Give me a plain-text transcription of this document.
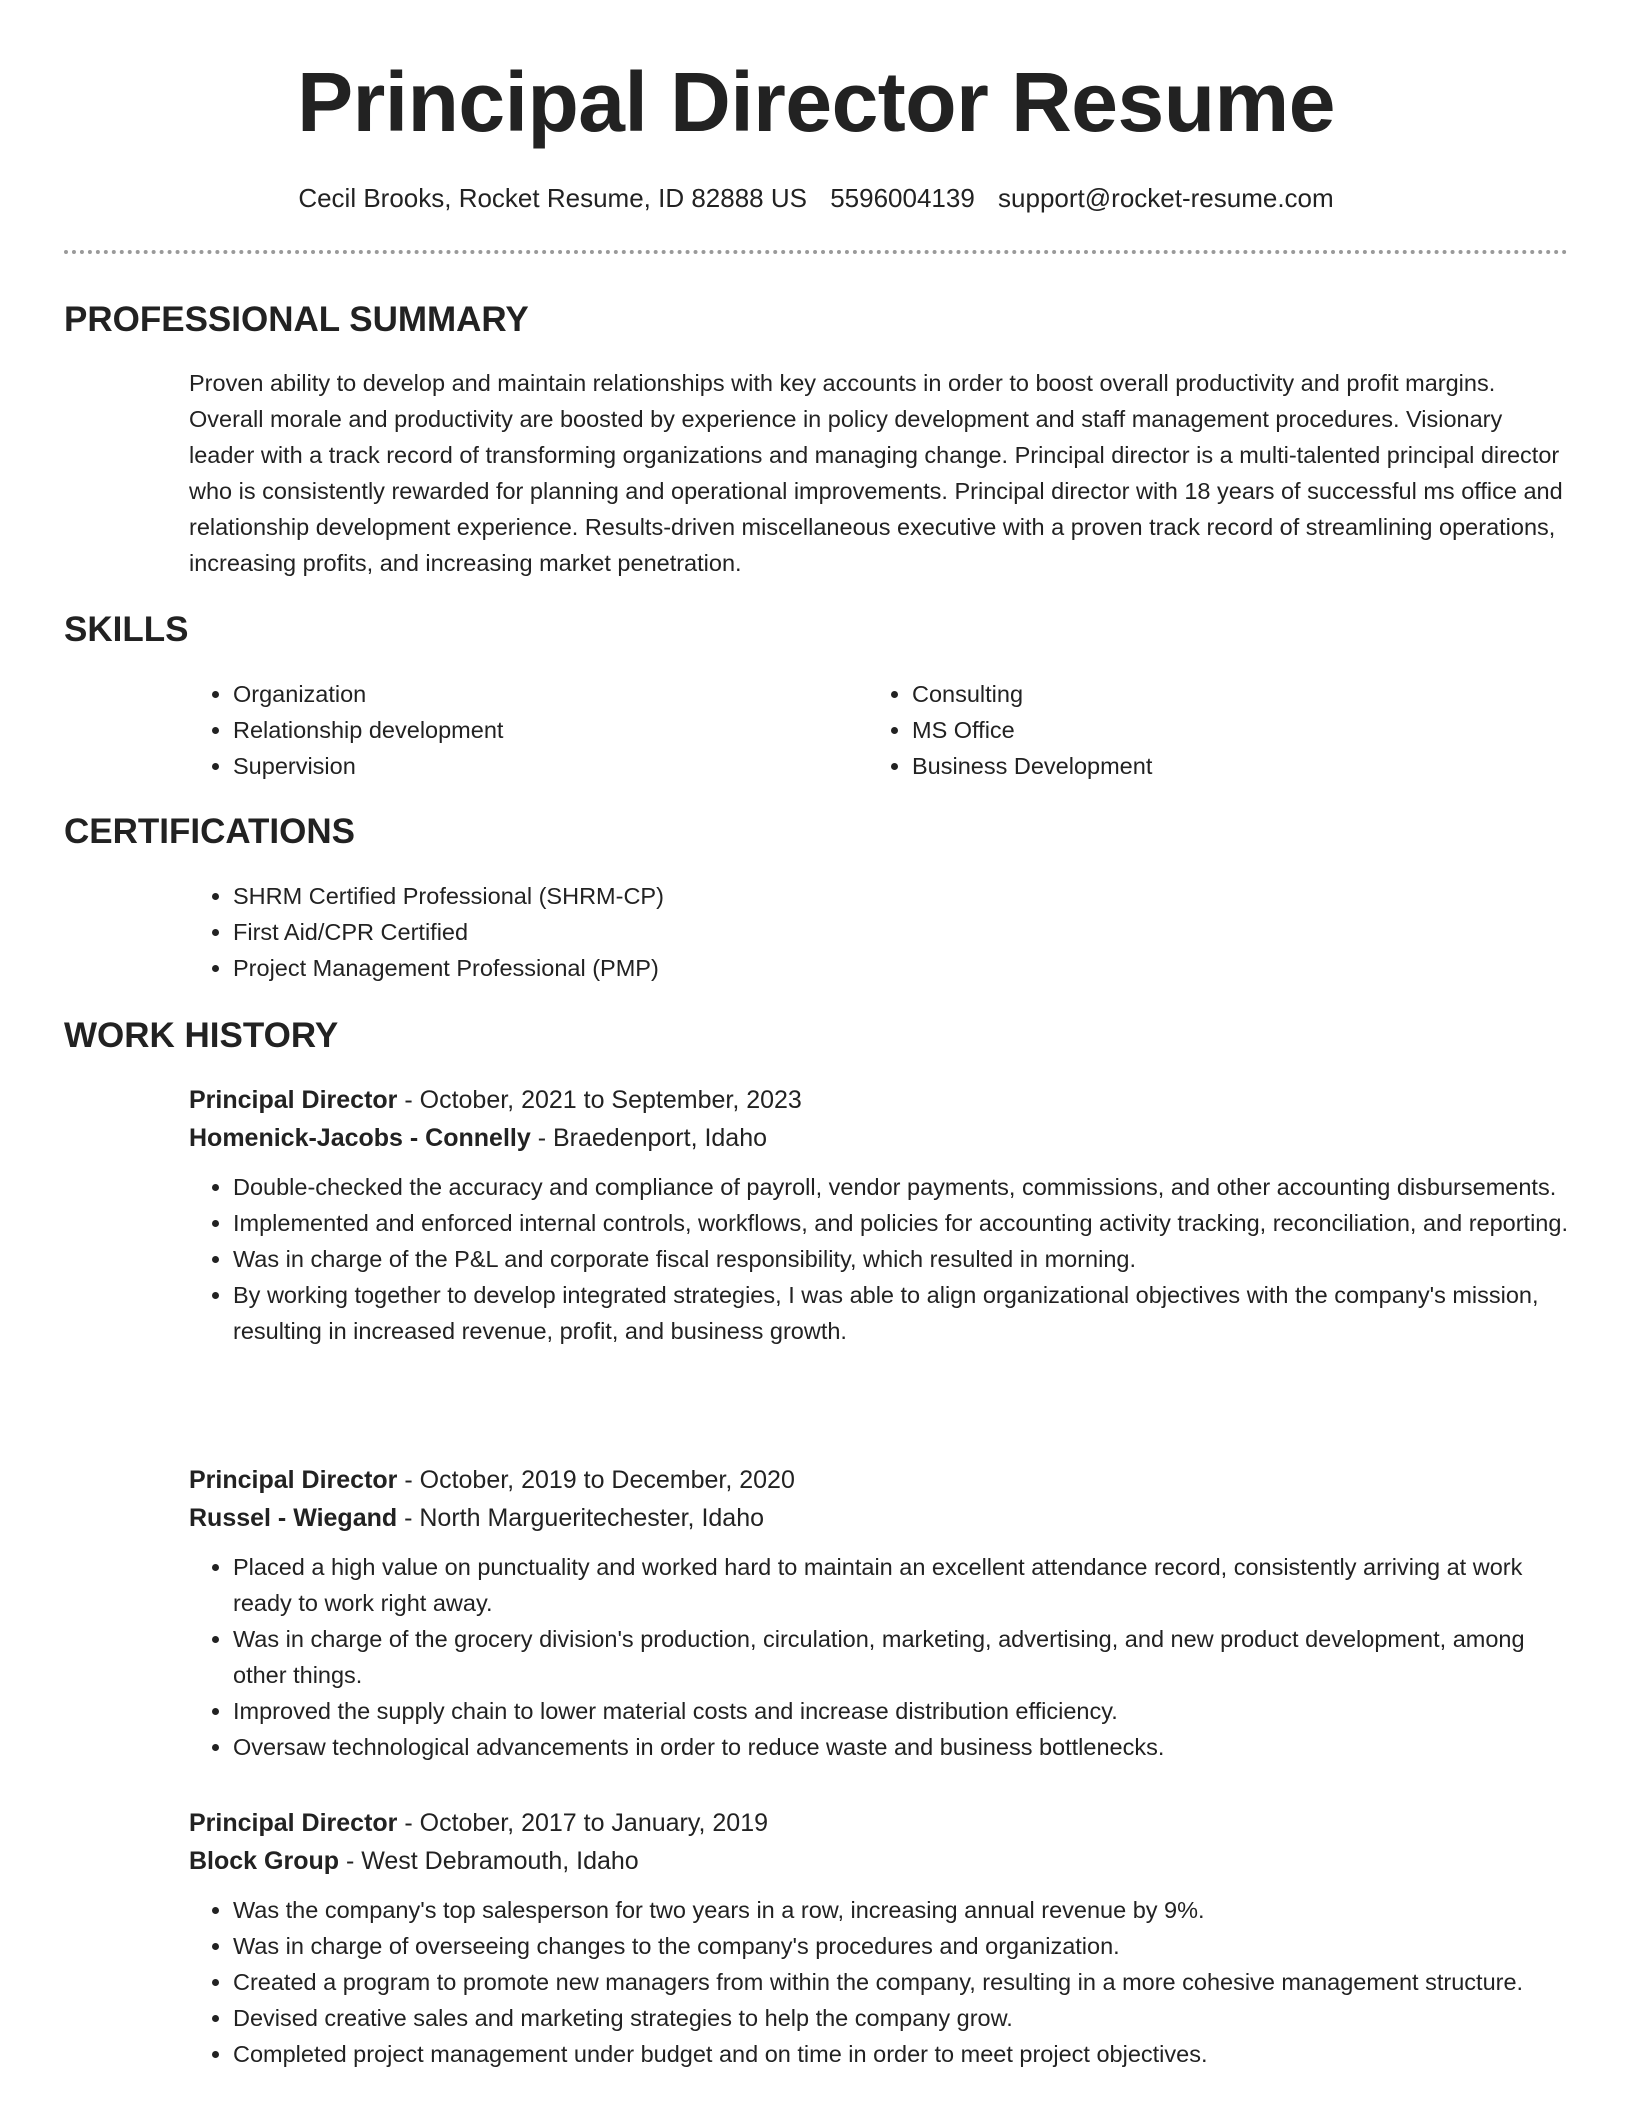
Principal Director Resume
Cecil Brooks, Rocket Resume, ID 82888 US 5596004139 support@rocket-resume.com
PROFESSIONAL SUMMARY

Proven ability to develop and maintain relationships with key accounts in order to boost overall productivity and profit margins. Overall morale and productivity are boosted by experience in policy development and staff management procedures. Visionary leader with a track record of transforming organizations and managing change. Principal director is a multi-talented principal director who is consistently rewarded for planning and operational improvements. Principal director with 18 years of successful ms office and relationship development experience. Results-driven miscellaneous executive with a proven track record of streamlining operations, increasing profits, and increasing market penetration.

SKILLS
• Organization
• Relationship development
• Supervision
• Consulting
• MS Office
• Business Development
CERTIFICATIONS
• SHRM Certified Professional (SHRM-CP)
• First Aid/CPR Certified
• Project Management Professional (PMP)
WORK HISTORY
Principal Director - October, 2021 to September, 2023
Homenick-Jacobs - Connelly - Braedenport, Idaho
• Double-checked the accuracy and compliance of payroll, vendor payments, commissions, and other accounting disbursements.
• Implemented and enforced internal controls, workflows, and policies for accounting activity tracking, reconciliation, and reporting.
• Was in charge of the P&L and corporate fiscal responsibility, which resulted in morning.
• By working together to develop integrated strategies, I was able to align organizational objectives with the company's mission, resulting in increased revenue, profit, and business growth.
Principal Director - October, 2019 to December, 2020
Russel - Wiegand - North Margueritechester, Idaho
• Placed a high value on punctuality and worked hard to maintain an excellent attendance record, consistently arriving at work ready to work right away.
• Was in charge of the grocery division's production, circulation, marketing, advertising, and new product development, among other things.
• Improved the supply chain to lower material costs and increase distribution efficiency.
• Oversaw technological advancements in order to reduce waste and business bottlenecks.
Principal Director - October, 2017 to January, 2019
Block Group - West Debramouth, Idaho
• Was the company's top salesperson for two years in a row, increasing annual revenue by 9%.
• Was in charge of overseeing changes to the company's procedures and organization.
• Created a program to promote new managers from within the company, resulting in a more cohesive management structure.
• Devised creative sales and marketing strategies to help the company grow.
• Completed project management under budget and on time in order to meet project objectives.
